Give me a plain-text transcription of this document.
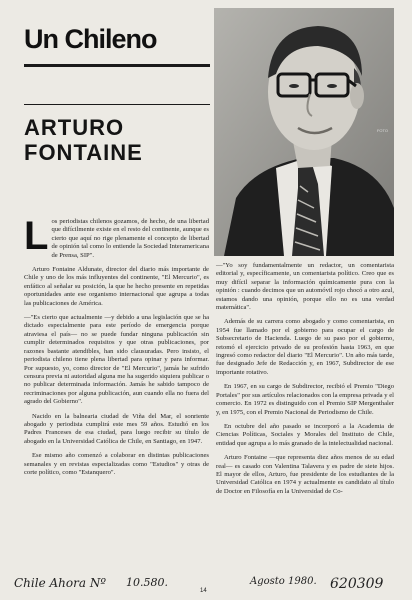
Un Chileno
ARTURO
FONTAINE
FOTO

Los periodistas chilenos gozamos, de hecho, de una libertad que difícilmente existe en el resto del continente, aunque es cierto que aquí no rige plenamente el concepto de libertad de opinión tal como lo entiende la Sociedad Interamericana de Prensa, SIP".

Arturo Fontaine Aldunate, director del diario más importante de Chile y uno de los más influyentes del continente, "El Mercurio", es enfático al señalar su posición, la que he hecho presente en repetidas oportunidades ante ese organismo internacional que agrupa a todas las publicaciones de América.

—"Es cierto que actualmente —y debido a una legislación que se ha dictado especialmente para este período de emergencia porque atraviesa el país— no se puede fundar ninguna publicación sin cumplir determinados requisitos y que otras publicaciones, por razones bastante atendibles, han sido clausuradas. Pero insisto, el periodista chileno tiene plena libertad para opinar y para informar. Por supuesto, yo, como director de "El Mercurio", jamás he sufrido censura previa ni autoridad alguna me ha sugerido siquiera publicar o no publicar determinada información. Jamás he sabido tampoco de recriminaciones por alguna publicación, aun cuando ella no fuera del agrado del Gobierno".

Nacido en la balnearia ciudad de Viña del Mar, el sonriente abogado y periodista cumplirá este mes 59 años. Estudió en los Padres Franceses de esa ciudad, para luego recibir su título de abogado en la Universidad Católica de Chile, en Santiago, en 1947.

Ese mismo año comenzó a colaborar en distintas publicaciones semanales y en revistas especializadas como "Estudios" y otras de corte político, como "Estanquero".

—"Yo soy fundamentalmente un redactor, un comentarista editorial y, específicamente, un comentarista político. Creo que es muy difícil separar la información químicamente pura con la opinión : cuando decimos que un automóvil rojo chocó a otro azul, estamos dando una opinión, porque ello no es una verdad matemática".

Además de su carrera como abogado y como comentarista, en 1954 fue llamado por el gobierno para ocupar el cargo de Subsecretario de Hacienda. Luego de su paso por el gobierno, retomó el ejercicio privado de su profesión hasta 1963, en que ingresó como redactor del diario "El Mercurio". Un año más tarde, fue designado Jefe de Redacción y, en 1967, Subdirector de ese importante rotativo.

En 1967, en su cargo de Subdirector, recibió el Premio "Diego Portales" por sus artículos relacionados con la empresa privada y el comercio. En 1972 es distinguido con el Premio SIP Mergenthaler y, en 1975, con el Premio Nacional de Periodismo de Chile.

En octubre del año pasado se incorporó a la Academia de Ciencias Políticas, Sociales y Morales del Instituto de Chile, entidad que agrupa a lo más granado de la intelectualidad nacional.

Arturo Fontaine —que representa diez años menos de su edad real— es casado con Valentina Talavera y es padre de siete hijos. El mayor de ellos, Arturo, fue presidente de los estudiantes de la Universidad Católica en 1974 y actualmente es candidato al título de Doctor en Filosofía en la Universidad de Co-

14
Chile Ahora Nº 10.580.	Agosto 1980. 620309
